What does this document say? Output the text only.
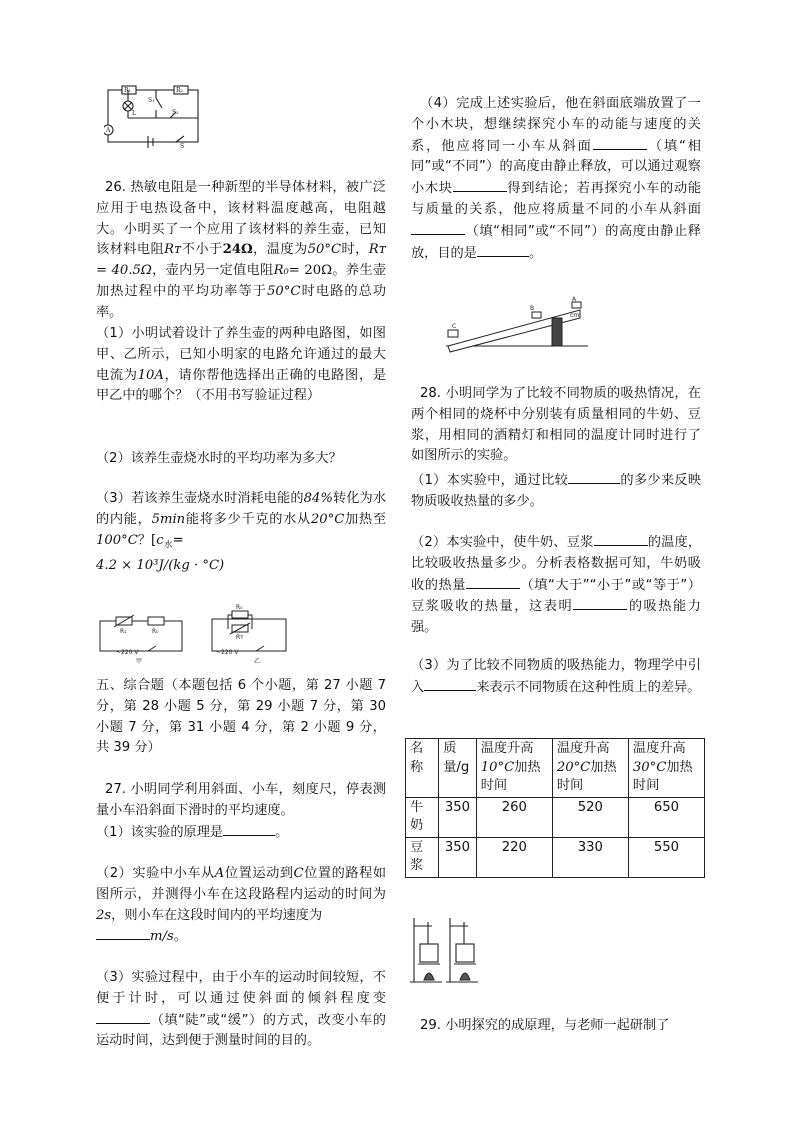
R₁	R₂
S₁
S₂
L
A
S

26. 热敏电阻是一种新型的半导体材料，被广泛应用于电热设备中，该材料温度越高，电阻越大。小明买了一个应用了该材料的养生壶，已知该材料电阻Rᴛ不小于24Ω，温度为50°C时，Rᴛ = 40.5Ω，壶内另一定值电阻R₀= 20Ω。养生壶加热过程中的平均功率等于50°C时电路的总功率。

（1）小明试着设计了养生壶的两种电路图，如图甲、乙所示，已知小明家的电路允许通过的最大电流为10A，请你帮他选择出正确的电路图，是甲乙中的哪个？（不用书写验证过程）

（2）该养生壶烧水时的平均功率为多大？

（3）若该养生壶烧水时消耗电能的84%转化为水的内能，5min能将多少千克的水从20°C加热至100°C？[$c_水=$
4.2 × 10³J/(kg · °C)

R₁	R₀
~220 V
甲
R₀
Rᴛ
~220 V
乙

五、综合题（本题包括 6 个小题，第 27 小题 7 分，第 28 小题 5 分，第 29 小题 7 分，第 30 小题 7 分，第 31 小题 4 分，第 2 小题 9 分，共 39 分）

27. 小明同学利用斜面、小车，刻度尺，停表测量小车沿斜面下滑时的平均速度。

（1）该实验的原理是	。

（2）实验中小车从A位置运动到C位置的路程如图所示，并测得小车在这段路程内运动的时间为2s，则小车在这段时间内的平均速度为
m/s。

（3）实验过程中，由于小车的运动时间较短，不便于计时，可以通过使斜面的倾斜程度变（填“陡”或“缓”）的方式，改变小车的运动时间，达到便于测量时间的目的。

（4）完成上述实验后，他在斜面底端放置了一个小木块，想继续探究小车的动能与速度的关系，他应将同一小车从斜面	（填“相同”或“不同”）的高度由静止释放，可以通过观察小木块	得到结论；若再探究小车的动能与质量的关系，他应将质量不同的小车从斜面（填“相同”或“不同”）的高度由静止释放，目的是	。

C
B
A
cm

28. 小明同学为了比较不同物质的吸热情况，在两个相同的烧杯中分别装有质量相同的牛奶、豆浆，用相同的酒精灯和相同的温度计同时进行了如图所示的实验。

（1）本实验中，通过比较	的多少来反映物质吸收热量的多少。

（2）本实验中，使牛奶、豆浆	的温度，比较吸收热量多少。分析表格数据可知，牛奶吸收的热量	（填“大于”“小于”或“等于”）豆浆吸收的热量，这表明	的吸热能力强。

（3）为了比较不同物质的吸热能力，物理学中引入	来表示不同物质在这种性质上的差异。

29. 小明探究的成原理，与老师一起研制了

名称	质量/g	温度升高10°C加热时间	温度升高20°C加热时间	温度升高30°C加热时间
牛奶	350	260	520	650
豆浆	350	220	330	550
